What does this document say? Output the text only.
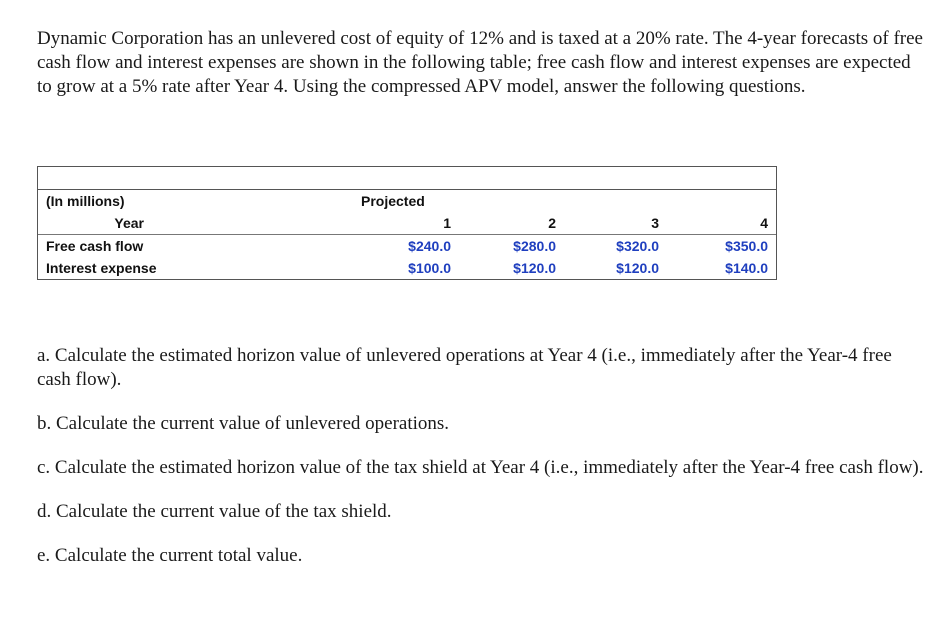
Dynamic Corporation has an unlevered cost of equity of 12% and is taxed at a 20% rate. The 4-year forecasts of free cash flow and interest expenses are shown in the following table; free cash flow and interest expenses are expected to grow at a 5% rate after Year 4. Using the compressed APV model, answer the following questions.

(In millions)	Projected
Year	1	2	3	4
Free cash flow	$240.0	$280.0	$320.0	$350.0
Interest expense	$100.0	$120.0	$120.0	$140.0

a. Calculate the estimated horizon value of unlevered operations at Year 4 (i.e., immediately after the Year-4 free cash flow).

b. Calculate the current value of unlevered operations.

c. Calculate the estimated horizon value of the tax shield at Year 4 (i.e., immediately after the Year-4 free cash flow).

d. Calculate the current value of the tax shield.

e. Calculate the current total value.
